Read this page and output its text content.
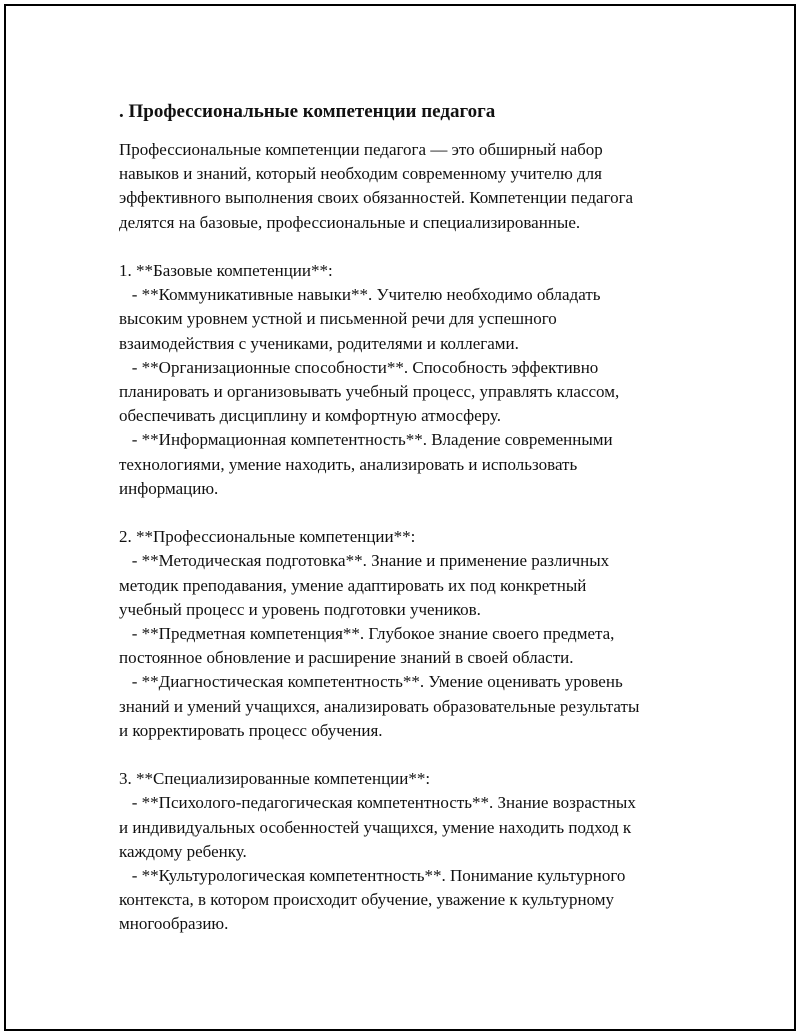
. Профессиональные компетенции педагога

Профессиональные компетенции педагога — это обширный набор
навыков и знаний, который необходим современному учителю для
эффективного выполнения своих обязанностей. Компетенции педагога
делятся на базовые, профессиональные и специализированные.

1. **Базовые компетенции**:

- **Коммуникативные навыки**. Учителю необходимо обладать
высоким уровнем устной и письменной речи для успешного
взаимодействия с учениками, родителями и коллегами.

- **Организационные способности**. Способность эффективно
планировать и организовывать учебный процесс, управлять классом,
обеспечивать дисциплину и комфортную атмосферу.

- **Информационная компетентность**. Владение современными
технологиями, умение находить, анализировать и использовать
информацию.

2. **Профессиональные компетенции**:

- **Методическая подготовка**. Знание и применение различных
методик преподавания, умение адаптировать их под конкретный
учебный процесс и уровень подготовки учеников.

- **Предметная компетенция**. Глубокое знание своего предмета,
постоянное обновление и расширение знаний в своей области.

- **Диагностическая компетентность**. Умение оценивать уровень
знаний и умений учащихся, анализировать образовательные результаты
и корректировать процесс обучения.

3. **Специализированные компетенции**:

- **Психолого-педагогическая компетентность**. Знание возрастных
и индивидуальных особенностей учащихся, умение находить подход к
каждому ребенку.

- **Культурологическая компетентность**. Понимание культурного
контекста, в котором происходит обучение, уважение к культурному
многообразию.
